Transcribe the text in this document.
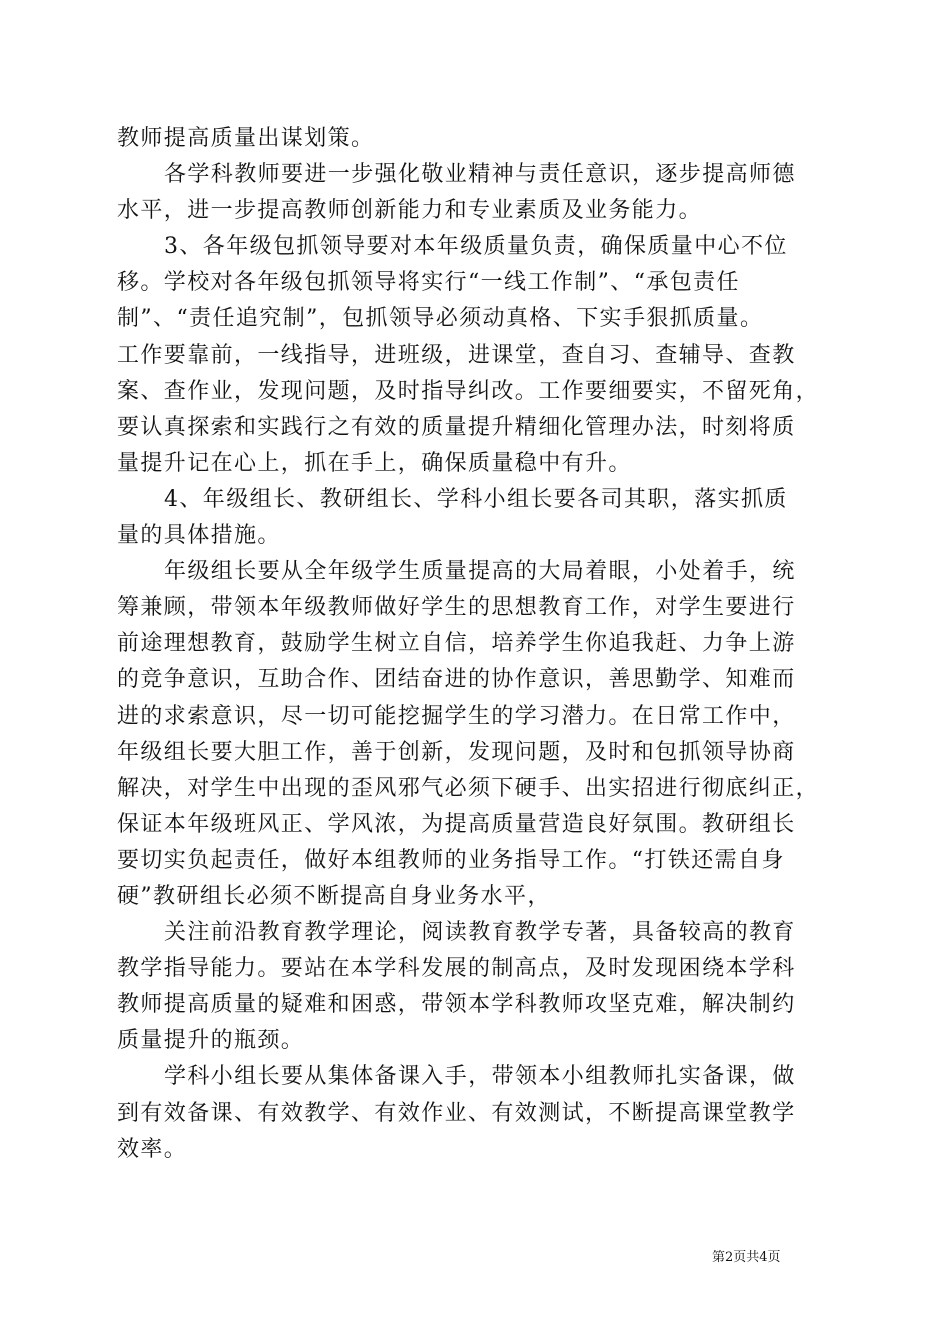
教师提高质量出谋划策。
各学科教师要进一步强化敬业精神与责任意识，逐步提高师德
水平，进一步提高教师创新能力和专业素质及业务能力。
3、各年级包抓领导要对本年级质量负责，确保质量中心不位
移。学校对各年级包抓领导将实行“一线工作制”、“承包责任
制”、“责任追究制”，包抓领导必须动真格、下实手狠抓质量。
工作要靠前，一线指导，进班级，进课堂，查自习、查辅导、查教
案、查作业，发现问题，及时指导纠改。工作要细要实，不留死角，
要认真探索和实践行之有效的质量提升精细化管理办法，时刻将质
量提升记在心上，抓在手上，确保质量稳中有升。
4、年级组长、教研组长、学科小组长要各司其职，落实抓质
量的具体措施。
年级组长要从全年级学生质量提高的大局着眼，小处着手，统
筹兼顾，带领本年级教师做好学生的思想教育工作，对学生要进行
前途理想教育，鼓励学生树立自信，培养学生你追我赶、力争上游
的竞争意识，互助合作、团结奋进的协作意识，善思勤学、知难而
进的求索意识，尽一切可能挖掘学生的学习潜力。在日常工作中，
年级组长要大胆工作，善于创新，发现问题，及时和包抓领导协商
解决，对学生中出现的歪风邪气必须下硬手、出实招进行彻底纠正，
保证本年级班风正、学风浓，为提高质量营造良好氛围。教研组长
要切实负起责任，做好本组教师的业务指导工作。“打铁还需自身
硬”教研组长必须不断提高自身业务水平，
关注前沿教育教学理论，阅读教育教学专著，具备较高的教育
教学指导能力。要站在本学科发展的制高点，及时发现困绕本学科
教师提高质量的疑难和困惑，带领本学科教师攻坚克难，解决制约
质量提升的瓶颈。
学科小组长要从集体备课入手，带领本小组教师扎实备课，做
到有效备课、有效教学、有效作业、有效测试，不断提高课堂教学
效率。
第2页共4页
